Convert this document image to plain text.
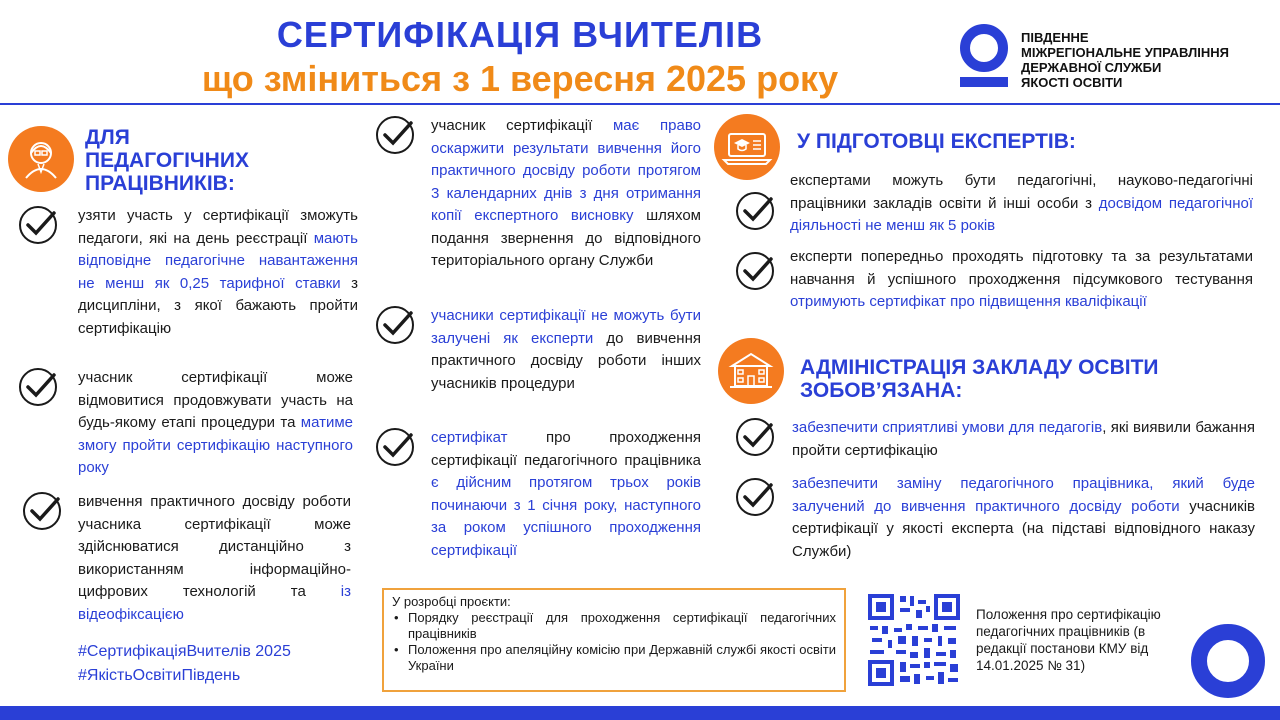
СЕРТИФІКАЦІЯ ВЧИТЕЛІВ
що зміниться з 1 вересня 2025 року
ПІВДЕННЕ
МІЖРЕГІОНАЛЬНЕ УПРАВЛІННЯ
ДЕРЖАВНОЇ СЛУЖБИ
ЯКОСТІ ОСВІТИ
ДЛЯ
ПЕДАГОГІЧНИХ
ПРАЦІВНИКІВ:
узяти участь у сертифікації зможуть педагоги, які на день реєстрації мають відповідне педагогічне навантаження не менш як 0,25 тарифної ставки з дисципліни, з якої бажають пройти сертифікацію
учасник сертифікації може відмовитися продовжувати участь на будь-якому етапі процедури та матиме змогу пройти сертифікацію наступного року
вивчення практичного досвіду роботи учасника сертифікації може здійснюватися дистанційно з використанням інформаційно-цифрових технологій та із відеофіксацією
#СертифікаціяВчителів 2025
#ЯкістьОсвітиПівдень
учасник сертифікації має право оскаржити результати вивчення його практичного досвіду роботи протягом 3 календарних днів з дня отримання копії експертного висновку шляхом подання звернення до відповідного територіального органу Служби
учасники сертифікації не можуть бути залучені як експерти до вивчення практичного досвіду роботи інших учасників процедури
сертифікат про проходження сертифікації педагогічного працівника є дійсним протягом трьох років починаючи з 1 січня року, наступного за роком успішного проходження сертифікації
У ПІДГОТОВЦІ ЕКСПЕРТІВ:
експертами можуть бути педагогічні, науково-педагогічні працівники закладів освіти й інші особи з досвідом педагогічної діяльності не менш як 5 років
експерти попередньо проходять підготовку та за результатами навчання й успішного проходження підсумкового тестування отримують сертифікат про підвищення кваліфікації
АДМІНІСТРАЦІЯ ЗАКЛАДУ ОСВІТИ
ЗОБОВ’ЯЗАНА:
забезпечити сприятливі умови для педагогів, які виявили бажання пройти сертифікацію
забезпечити заміну педагогічного працівника, який буде залучений до вивчення практичного досвіду роботи учасників сертифікації у якості експерта (на підставі відповідного наказу Служби)
У розробці проєкти:
• Порядку реєстрації для проходження сертифікації педагогічних працівників
• Положення про апеляційну комісію при Державній службі якості освіти України
Положення про сертифікацію педагогічних працівників (в редакції постанови КМУ від 14.01.2025 № 31)
